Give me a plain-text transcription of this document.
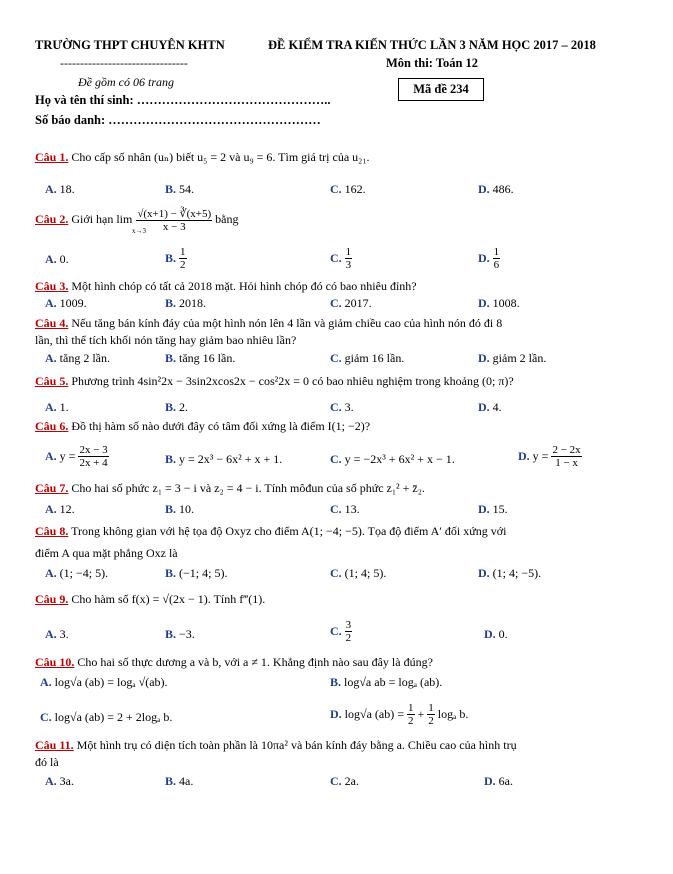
TRƯỜNG THPT CHUYÊN KHTN	ĐỀ KIỂM TRA KIẾN THỨC LẦN 3 NĂM HỌC 2017 – 2018
--------------------------------	Môn thi: Toán 12
Đề gồm có 06 trang	Mã đề 234
Họ và tên thí sinh: ………………………………………..
Số báo danh: ……………………………………………
Câu 1. Cho cấp số nhân (uₙ) biết u₅ = 2 và u₉ = 6. Tìm giá trị của u₂₁.
A. 18.	B. 54.	C. 162.	D. 486.
Câu 2. Giới hạn $\lim \frac{√(x+1) - ∛(x+5)}{x - 3}$ bằng
x→3
A. 0.	B. $\frac{1}{2}$	C. $\frac{1}{3}$	D. $\frac{1}{6}$
Câu 3. Một hình chóp có tất cả 2018 mặt. Hỏi hình chóp đó có bao nhiêu đỉnh?
A. 1009.	B. 2018.	C. 2017.	D. 1008.
Câu 4. Nếu tăng bán kính đáy của một hình nón lên 4 lần và giảm chiều cao của hình nón đó đi 8
lần, thì thể tích khối nón tăng hay giảm bao nhiêu lần?
A. tăng 2 lần.	B. tăng 16 lần.	C. giảm 16 lần.	D. giảm 2 lần.
Câu 5. Phương trình 4sin²2x − 3sin2xcos2x − cos²2x = 0 có bao nhiêu nghiệm trong khoảng (0; π)?
A. 1.	B. 2.	C. 3.	D. 4.
Câu 6. Đồ thị hàm số nào dưới đây có tâm đối xứng là điểm I(1; −2)?
A. $y = \frac{2x - 3}{2x + 4}$	B. y = 2x³ − 6x² + x + 1.	C. y = −2x³ + 6x² + x − 1.	D. $y = \frac{2 - 2x}{1 - x}$
Câu 7. Cho hai số phức z₁ = 3 − i và z₂ = 4 − i. Tính môđun của số phức z₁² + z̄₂.
A. 12.	B. 10.	C. 13.	D. 15.
Câu 8. Trong không gian với hệ tọa độ Oxyz cho điểm A(1; −4; −5). Tọa độ điểm A′ đối xứng với
điểm A qua mặt phẳng Oxz là
A. (1; −4; 5).	B. (−1; 4; 5).	C. (1; 4; 5).	D. (1; 4; −5).
Câu 9. Cho hàm số f(x) = √(2x − 1). Tính f‴(1).
A. 3.	B. −3.	C. $\frac{3}{2}$	D. 0.
Câu 10. Cho hai số thực dương a và b, với a ≠ 1. Khẳng định nào sau đây là đúng?
A. log√a (ab) = logₐ √(ab).	B. log√a ab = logₐ (ab).
C. log√a (ab) = 2 + 2logₐ b.	D. log√a $(ab) = \frac{1}{2} + \frac{1}{2}$ logₐ b.
Câu 11. Một hình trụ có diện tích toàn phần là 10πa² và bán kính đáy bằng a. Chiều cao của hình trụ
đó là
A. 3a.	B. 4a.	C. 2a.	D. 6a.
